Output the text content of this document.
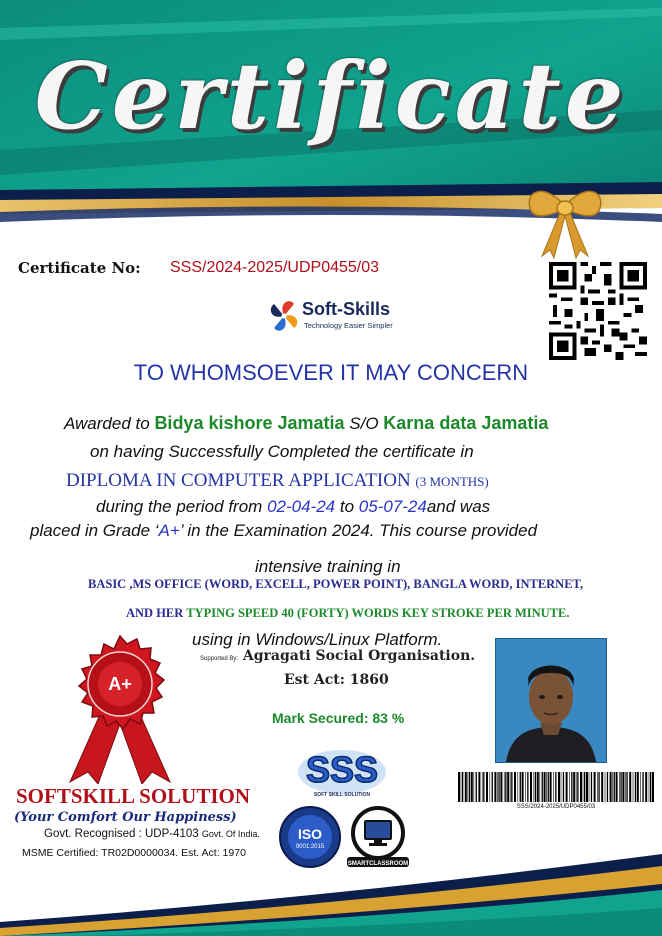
Certificate
Certificate No: SSS/2024-2025/UDP0455/03
Soft-Skills
Technology Easier Simpler
TO WHOMSOEVER IT MAY CONCERN
Awarded to Bidya kishore Jamatia S/O Karna data Jamatia
on having Successfully Completed the certificate in
DIPLOMA IN COMPUTER APPLICATION (3 MONTHS)
during the period from 02-04-24 to 05-07-24and was
placed in Grade ‘A+’ in the Examination 2024. This course provided
intensive training in
BASIC ,MS OFFICE (WORD, EXCELL, POWER POINT), BANGLA WORD, INTERNET,
AND HER TYPING SPEED 40 (FORTY) WORDS KEY STROKE PER MINUTE.
using in Windows/Linux Platform.
Supported By: Agragati Social Organisation.
Est Act: 1860
Mark Secured: 83 %
SSS/2024-2025/UDP0455/03
A+
SOFTSKILL SOLUTION
(Your Comfort Our Happiness)
Govt. Recognised : UDP-4103 Govt. Of India.
MSME Certified: TR02D0000034. Est. Act: 1970
SSS
SOFT SKILL SOLUTION
ISO
9001:2015
SMARTCLASSROOM
